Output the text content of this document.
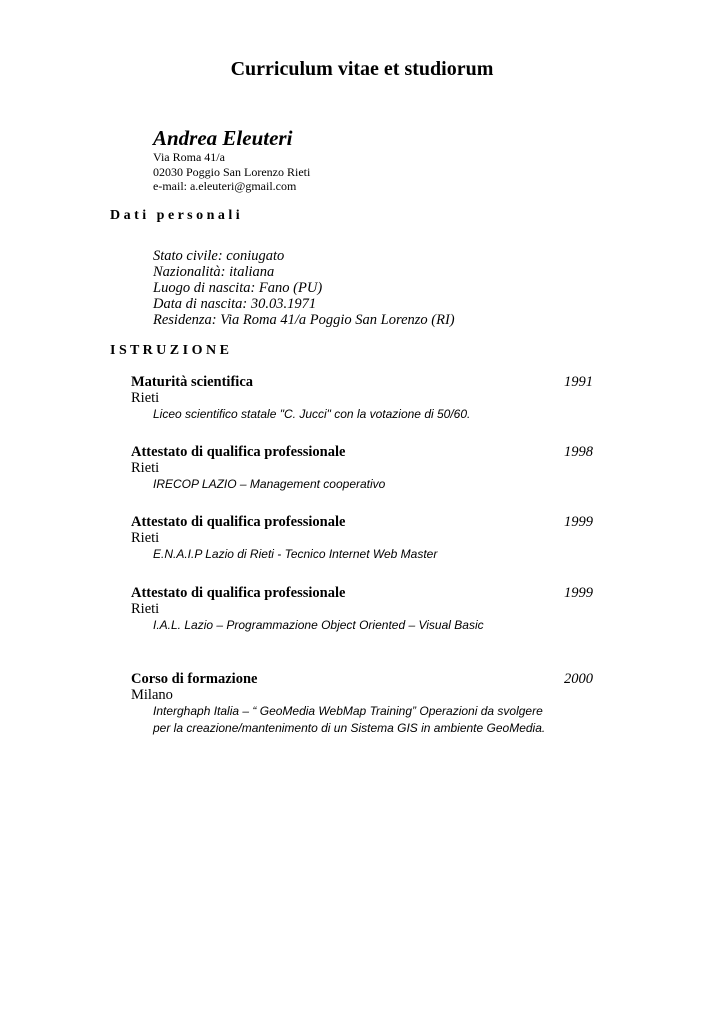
Curriculum vitae et studiorum
Andrea Eleuteri
Via Roma 41/a
02030 Poggio San Lorenzo Rieti
e-mail: a.eleuteri@gmail.com
D a t i   p e r s o n a l i
Stato civile: coniugato
Nazionalità: italiana
Luogo di nascita: Fano (PU)
Data di nascita: 30.03.1971
Residenza: Via Roma 41/a Poggio San Lorenzo (RI)
I S T R U Z I O N E
Maturità scientifica	1991
Rieti
Liceo scientifico statale "C. Jucci" con la votazione di 50/60.
Attestato di qualifica professionale	1998
Rieti
IRECOP LAZIO – Management cooperativo
Attestato di qualifica professionale	1999
Rieti
E.N.A.I.P Lazio di Rieti - Tecnico Internet Web Master
Attestato di qualifica professionale	1999
Rieti
I.A.L. Lazio – Programmazione Object Oriented – Visual Basic
Corso di formazione	2000
Milano
Interghaph Italia – “ GeoMedia WebMap Training” Operazioni da svolgere
per la creazione/mantenimento di un Sistema GIS in ambiente GeoMedia.
